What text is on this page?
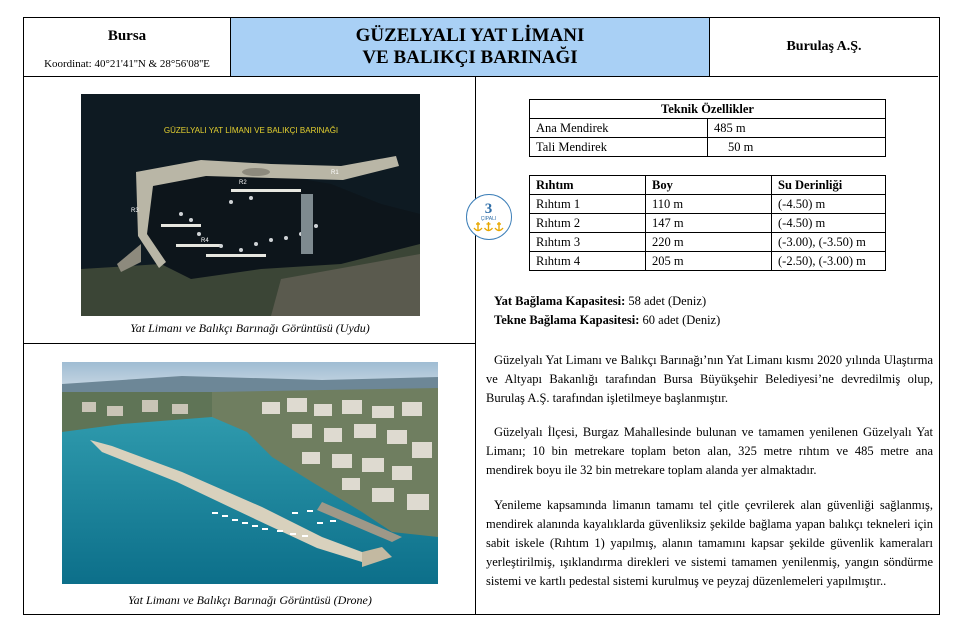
Bursa
Koordinat: 40°21'41''N & 28°56'08''E
GÜZELYALI YAT LİMANI
VE BALIKÇI BARINAĞI
Burulaş A.Ş.
GÜZELYALI YAT LİMANI VE BALIKÇI BARINAĞI
R1
R2
R3
R4
Yat Limanı ve Balıkçı Barınağı Görüntüsü (Uydu)
Yat Limanı ve Balıkçı Barınağı Görüntüsü (Drone)
3
ÇIPALI
Teknik Özellikler	
Ana Mendirek	485 m
Tali Mendirek	50 m
Rıhtım	Boy	Su Derinliği
Rıhtım 1	110 m	(-4.50) m
Rıhtım 2	147 m	(-4.50) m
Rıhtım 3	220 m	(-3.00), (-3.50) m
Rıhtım 4	205 m	(-2.50), (-3.00) m
Yat Bağlama Kapasitesi: 58 adet (Deniz)
Tekne Bağlama Kapasitesi: 60 adet (Deniz)

Güzelyalı Yat Limanı ve Balıkçı Barınağı’nın Yat Limanı kısmı 2020 yılında Ulaştırma ve Altyapı Bakanlığı tarafından Bursa Büyükşehir Belediyesi’ne devredilmiş olup, Burulaş A.Ş. tarafından işletilmeye başlanmıştır.

Güzelyalı İlçesi, Burgaz Mahallesinde bulunan ve tamamen yenilenen Güzelyalı Yat Limanı; 10 bin metrekare toplam beton alan, 325 metre rıhtım ve 485 metre ana mendirek boyu ile 32 bin metrekare toplam alanda yer almaktadır.

Yenileme kapsamında limanın tamamı tel çitle çevrilerek alan güvenliği sağlanmış, mendirek alanında kayalıklarda güvenliksiz şekilde bağlama yapan balıkçı tekneleri için sabit iskele (Rıhtım 1) yapılmış, alanın tamamını kapsar şekilde güvenlik kameraları yerleştirilmiş, ışıklandırma direkleri ve sistemi tamamen yenilenmiş, yangın söndürme sistemi ve kartlı pedestal sistemi kurulmuş ve peyzaj düzenlemeleri yapılmıştır..
